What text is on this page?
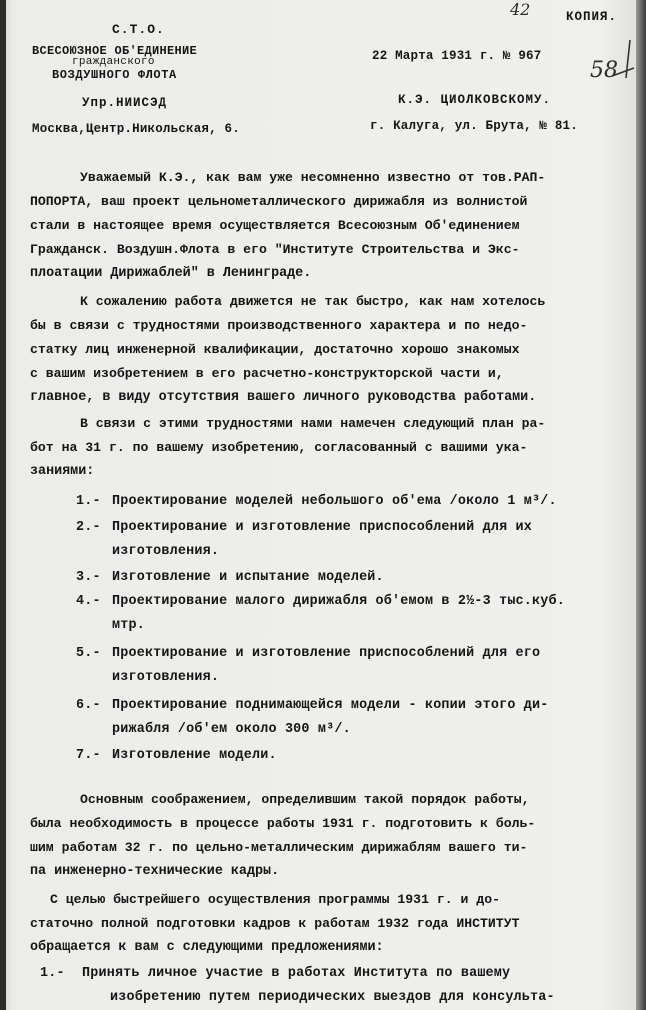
С.Т.О.
ВСЕСОЮЗНОЕ ОБ'ЕДИНЕНИЕ
гражданского
ВОЗДУШНОГО ФЛОТА
Упр.НИИСЭД
Москва,Центр.Никольская, 6.
КОПИЯ.
22 Марта 1931 г. № 967
К.Э. ЦИОЛКОВСКОМУ.
г. Калуга, ул. Брута, № 81.
42
58
Уважаемый К.Э., как вам уже несомненно известно от тов.РАП-
ПОПОРТА, ваш проект цельнометаллического дирижабля из волнистой
стали в настоящее время осуществляется Всесоюзным Об'единением
Гражданск. Воздушн.Флота в его "Институте Строительства и Экс-
плоатации Дирижаблей" в Ленинграде.
К сожалению работа движется не так быстро, как нам хотелось
бы в связи с трудностями производственного характера и по недо-
статку лиц инженерной квалификации, достаточно хорошо знакомых
с вашим изобретением в его расчетно-конструкторской части и,
главное, в виду отсутствия вашего личного руководства работами.
В связи с этими трудностями нами намечен следующий план ра-
бот на 31 г. по вашему изобретению, согласованный с вашими ука-
заниями:
1.- Проектирование моделей небольшого об'ема /около 1 м³/.
2.- Проектирование и изготовление приспособлений для их
изготовления.
3.- Изготовление и испытание моделей.
4.- Проектирование малого дирижабля об'емом в 2½-3 тыс.куб.
мтр.
5.- Проектирование и изготовление приспособлений для его
изготовления.
6.- Проектирование поднимающейся модели - копии этого ди-
рижабля /об'ем около 300 м³/.
7.- Изготовление модели.
Основным соображением, определившим такой порядок работы,
была необходимость в процессе работы 1931 г. подготовить к боль-
шим работам 32 г. по цельно-металлическим дирижаблям вашего ти-
па инженерно-технические кадры.
С целью быстрейшего осуществления программы 1931 г. и до-
статочно полной подготовки кадров к работам 1932 года ИНСТИТУТ
обращается к вам с следующими предложениями:
1.- Принять личное участие в работах Института по вашему
изобретению путем периодических выездов для консульта-
